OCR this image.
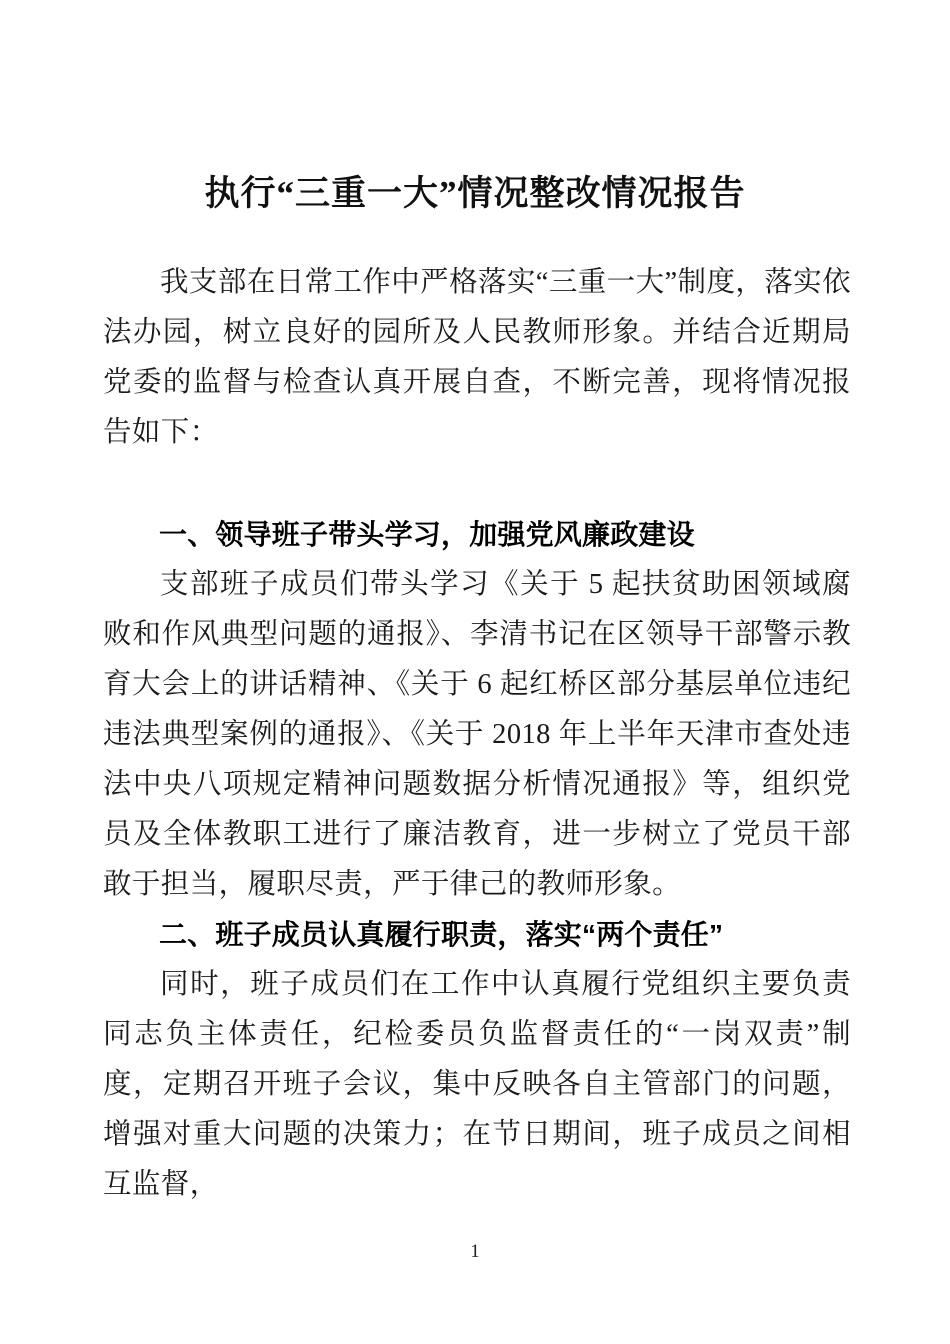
执行“三重一大”情况整改情况报告

我支部在日常工作中严格落实“三重一大”制度，落实依法办园，树立良好的园所及人民教师形象。并结合近期局党委的监督与检查认真开展自查，不断完善，现将情况报告如下：

一、领导班子带头学习，加强党风廉政建设

支部班子成员们带头学习《关于 5 起扶贫助困领域腐败和作风典型问题的通报》、李清书记在区领导干部警示教育大会上的讲话精神、《关于 6 起红桥区部分基层单位违纪违法典型案例的通报》、《关于 2018 年上半年天津市查处违法中央八项规定精神问题数据分析情况通报》等，组织党员及全体教职工进行了廉洁教育，进一步树立了党员干部敢于担当，履职尽责，严于律己的教师形象。

二、班子成员认真履行职责，落实“两个责任”

同时，班子成员们在工作中认真履行党组织主要负责同志负主体责任，纪检委员负监督责任的“一岗双责”制度，定期召开班子会议，集中反映各自主管部门的问题，增强对重大问题的决策力；在节日期间，班子成员之间相互监督，

1
